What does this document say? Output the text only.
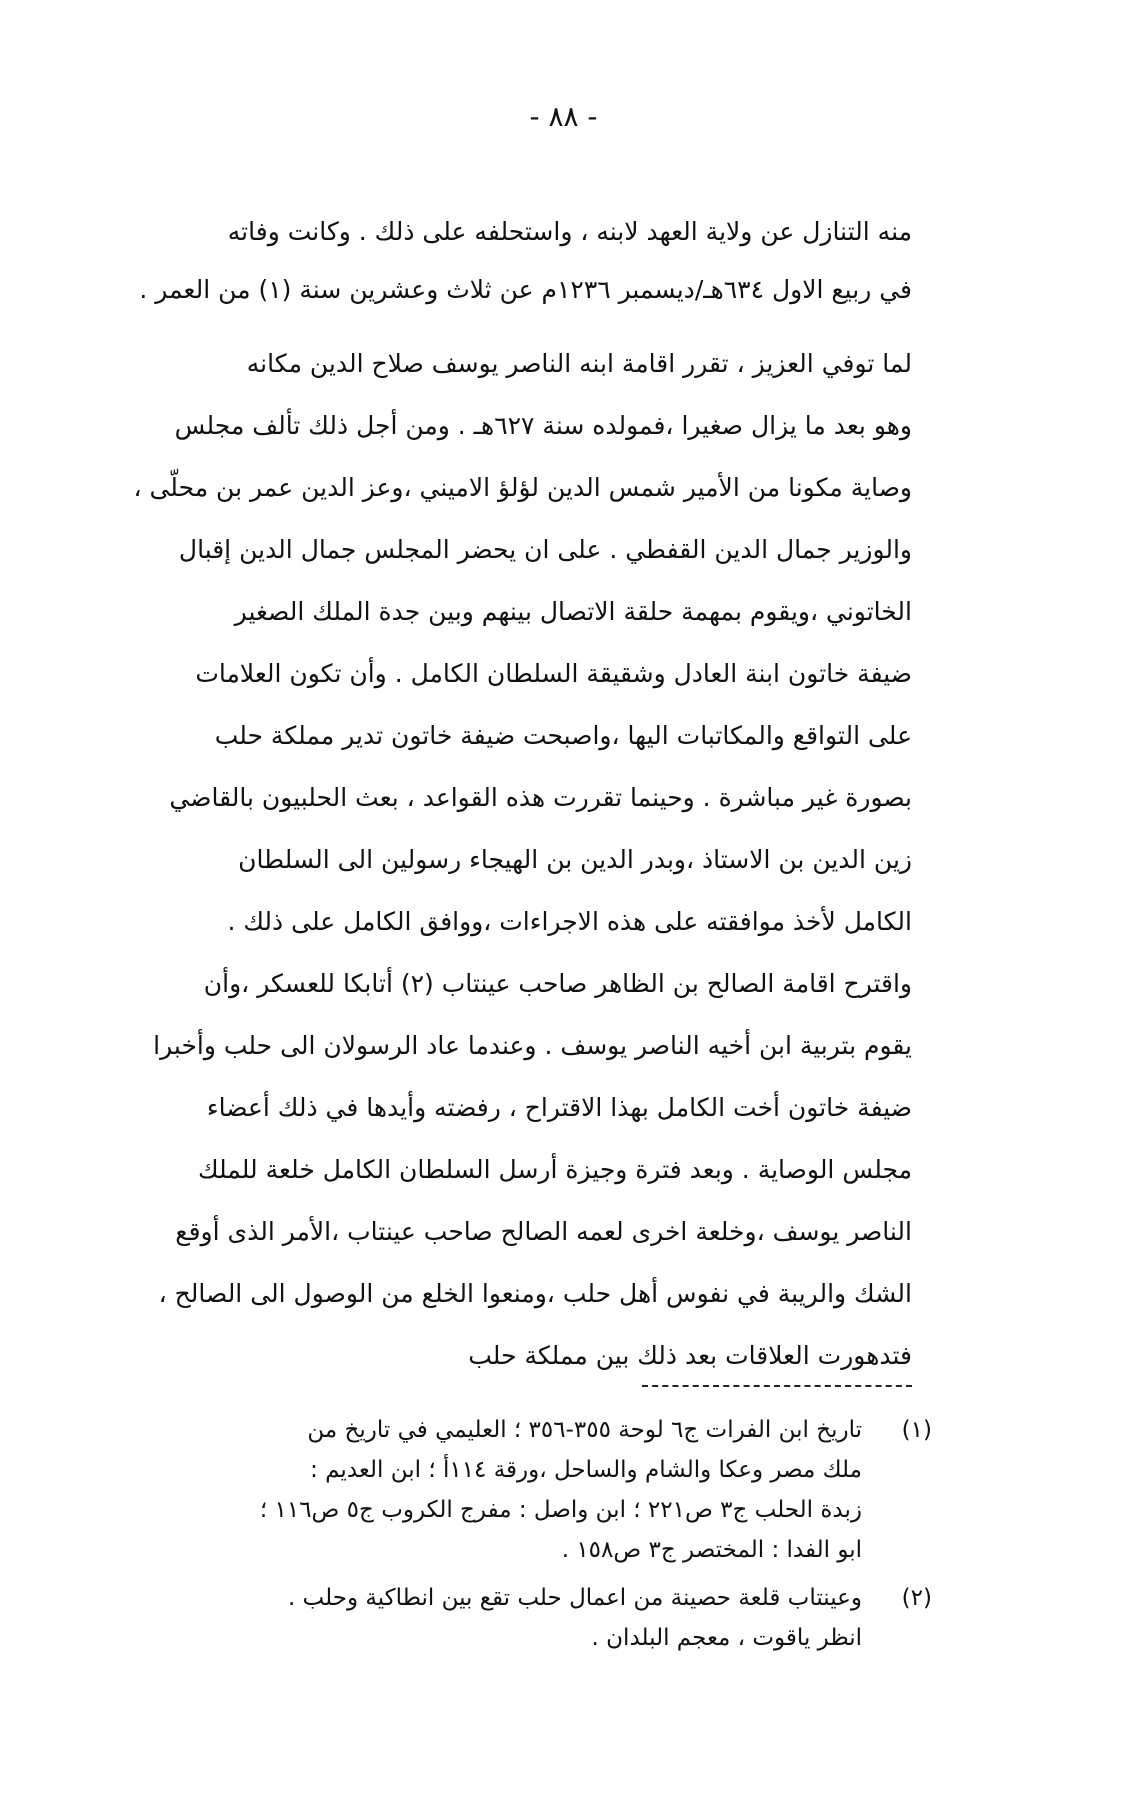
- ٨٨ -
منه التنازل عن ولاية العهد لابنه ، واستحلفه على ذلك . وكانت وفاته
في ربيع الاول ٦٣٤هـ/ديسمبر ١٢٣٦م عن ثلاث وعشرين سنة (١) من العمر .
لما توفي العزيز ، تقرر اقامة ابنه الناصر يوسف صلاح الدين مكانه
وهو بعد ما يزال صغيرا ،فمولده سنة ٦٢٧هـ . ومن أجل ذلك تألف مجلس
وصاية مكونا من الأمير شمس الدين لؤلؤ الاميني ،وعز الدين عمر بن محلّى ،
والوزير جمال الدين القفطي . على ان يحضر المجلس جمال الدين إقبال
الخاتوني ،ويقوم بمهمة حلقة الاتصال بينهم وبين جدة الملك الصغير
ضيفة خاتون ابنة العادل وشقيقة السلطان الكامل . وأن تكون العلامات
على التواقع والمكاتبات اليها ،واصبحت ضيفة خاتون تدير مملكة حلب
بصورة غير مباشرة . وحينما تقررت هذه القواعد ، بعث الحلبيون بالقاضي
زين الدين بن الاستاذ ،وبدر الدين بن الهيجاء رسولين الى السلطان
الكامل لأخذ موافقته على هذه الاجراءات ،ووافق الكامل على ذلك .
واقترح اقامة الصالح بن الظاهر صاحب عينتاب (٢) أتابكا للعسكر ،وأن
يقوم بتربية ابن أخيه الناصر يوسف . وعندما عاد الرسولان الى حلب وأخبرا
ضيفة خاتون أخت الكامل بهذا الاقتراح ، رفضته وأيدها في ذلك أعضاء
مجلس الوصاية . وبعد فترة وجيزة أرسل السلطان الكامل خلعة للملك
الناصر يوسف ،وخلعة اخرى لعمه الصالح صاحب عينتاب ،الأمر الذى أوقع
الشك والريبة في نفوس أهل حلب ،ومنعوا الخلع من الوصول الى الصالح ،
فتدهورت العلاقات بعد ذلك بين مملكة حلب
(١)
تاريخ ابن الفرات ج٦ لوحة ٣٥٥-٣٥٦ ؛ العليمي في تاريخ من
ملك مصر وعكا والشام والساحل ،ورقة ١١٤أ ؛ ابن العديم :
زبدة الحلب ج٣ ص٢٢١ ؛ ابن واصل : مفرج الكروب ج٥ ص١١٦ ؛
ابو الفدا : المختصر ج٣ ص١٥٨ .
(٢)
وعينتاب قلعة حصينة من اعمال حلب تقع بين انطاكية وحلب .
انظر ياقوت ، معجم البلدان .
